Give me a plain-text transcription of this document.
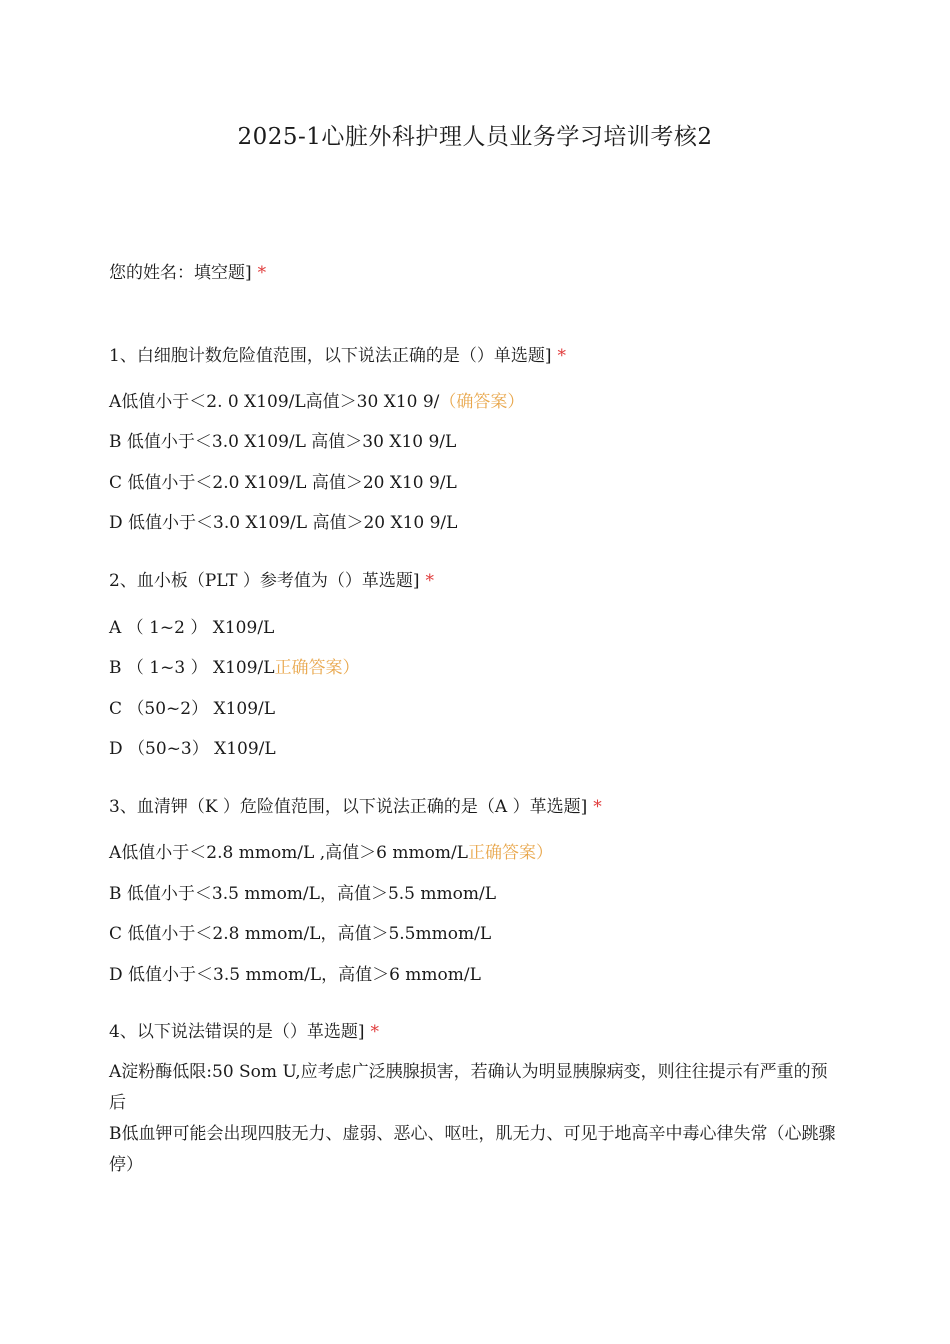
2025-1心脏外科护理人员业务学习培训考核2
您的姓名：填空题] *
1、白细胞计数危险值范围，以下说法正确的是（）单选题] *
A低值小于＜2. 0 X109/L高值＞30 X10 9/（确答案）
B 低值小于＜3.0 X109/L 高值＞30 X10 9/L
C 低值小于＜2.0 X109/L 高值＞20 X10 9/L
D 低值小于＜3.0 X109/L 高值＞20 X10 9/L
2、血小板（PLT ）参考值为（）革选题] *
A （ 1~2 ） X109/L
B （ 1~3 ） X109/L正确答案）
C （50~2） X109/L
D （50~3） X109/L
3、血清钾（K ）危险值范围，以下说法正确的是（A ）革选题] *
A低值小于＜2.8 mmom/L ,高值＞6 mmom/L正确答案）
B 低值小于＜3.5 mmom/L，高值＞5.5 mmom/L
C 低值小于＜2.8 mmom/L，高值＞5.5mmom/L
D 低值小于＜3.5 mmom/L，高值＞6 mmom/L
4、以下说法错误的是（）革选题] *
A淀粉酶低限:50 Som U,应考虑广泛胰腺损害，若确认为明显胰腺病变，则往往提示有严重的预后
B低血钾可能会出现四肢无力、虚弱、恶心、呕吐，肌无力、可见于地高辛中毒心律失常（心跳骤停）
